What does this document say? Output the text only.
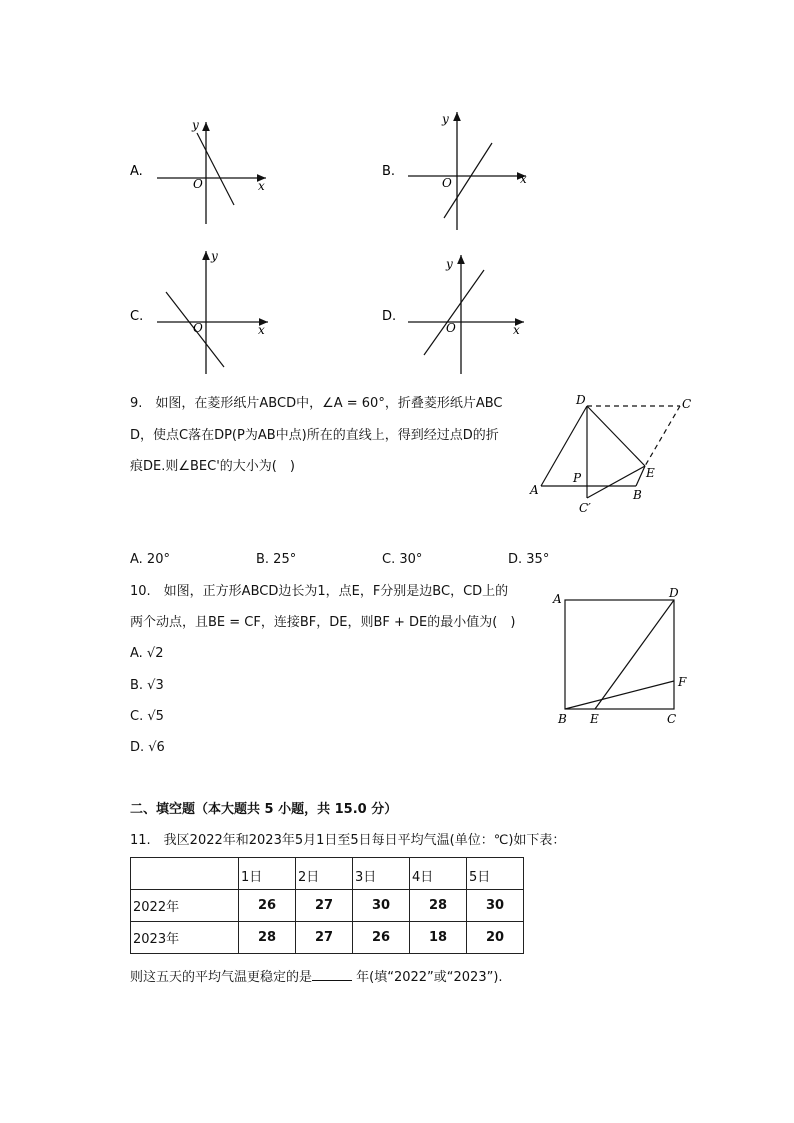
A.
x
y
O
B.	x
y
O
C.
x
y
O
D.
x
y
O
9.　如图，在菱形纸片ABCD中，∠A = 60°，折叠菱形纸片ABC
D，使点C落在DP(P为AB中点)所在的直线上，得到经过点D的折
痕DE.则∠BEC'的大小为(　)
D	C
A
P
B
E
C′
A. 20°	B. 25°	C. 30°	D. 35°
10.　如图，正方形ABCD边长为1，点E，F分别是边BC，CD上的
两个动点，且BE = CF，连接BF，DE，则BF + DE的最小值为(　)
A. √2
B. √3
C. √5
D. √6
A	D
F
B E	C
二、填空题（本大题共 5 小题，共 15.0 分）
11.　我区2022年和2023年5月1日至5日每日平均气温(单位：℃)如下表：
	1日	2日	3日	4日	5日
2022年	26	27	30	28	30
2023年	28	27	26	18	20
则这五天的平均气温更稳定的是	年(填“2022”或“2023”).
